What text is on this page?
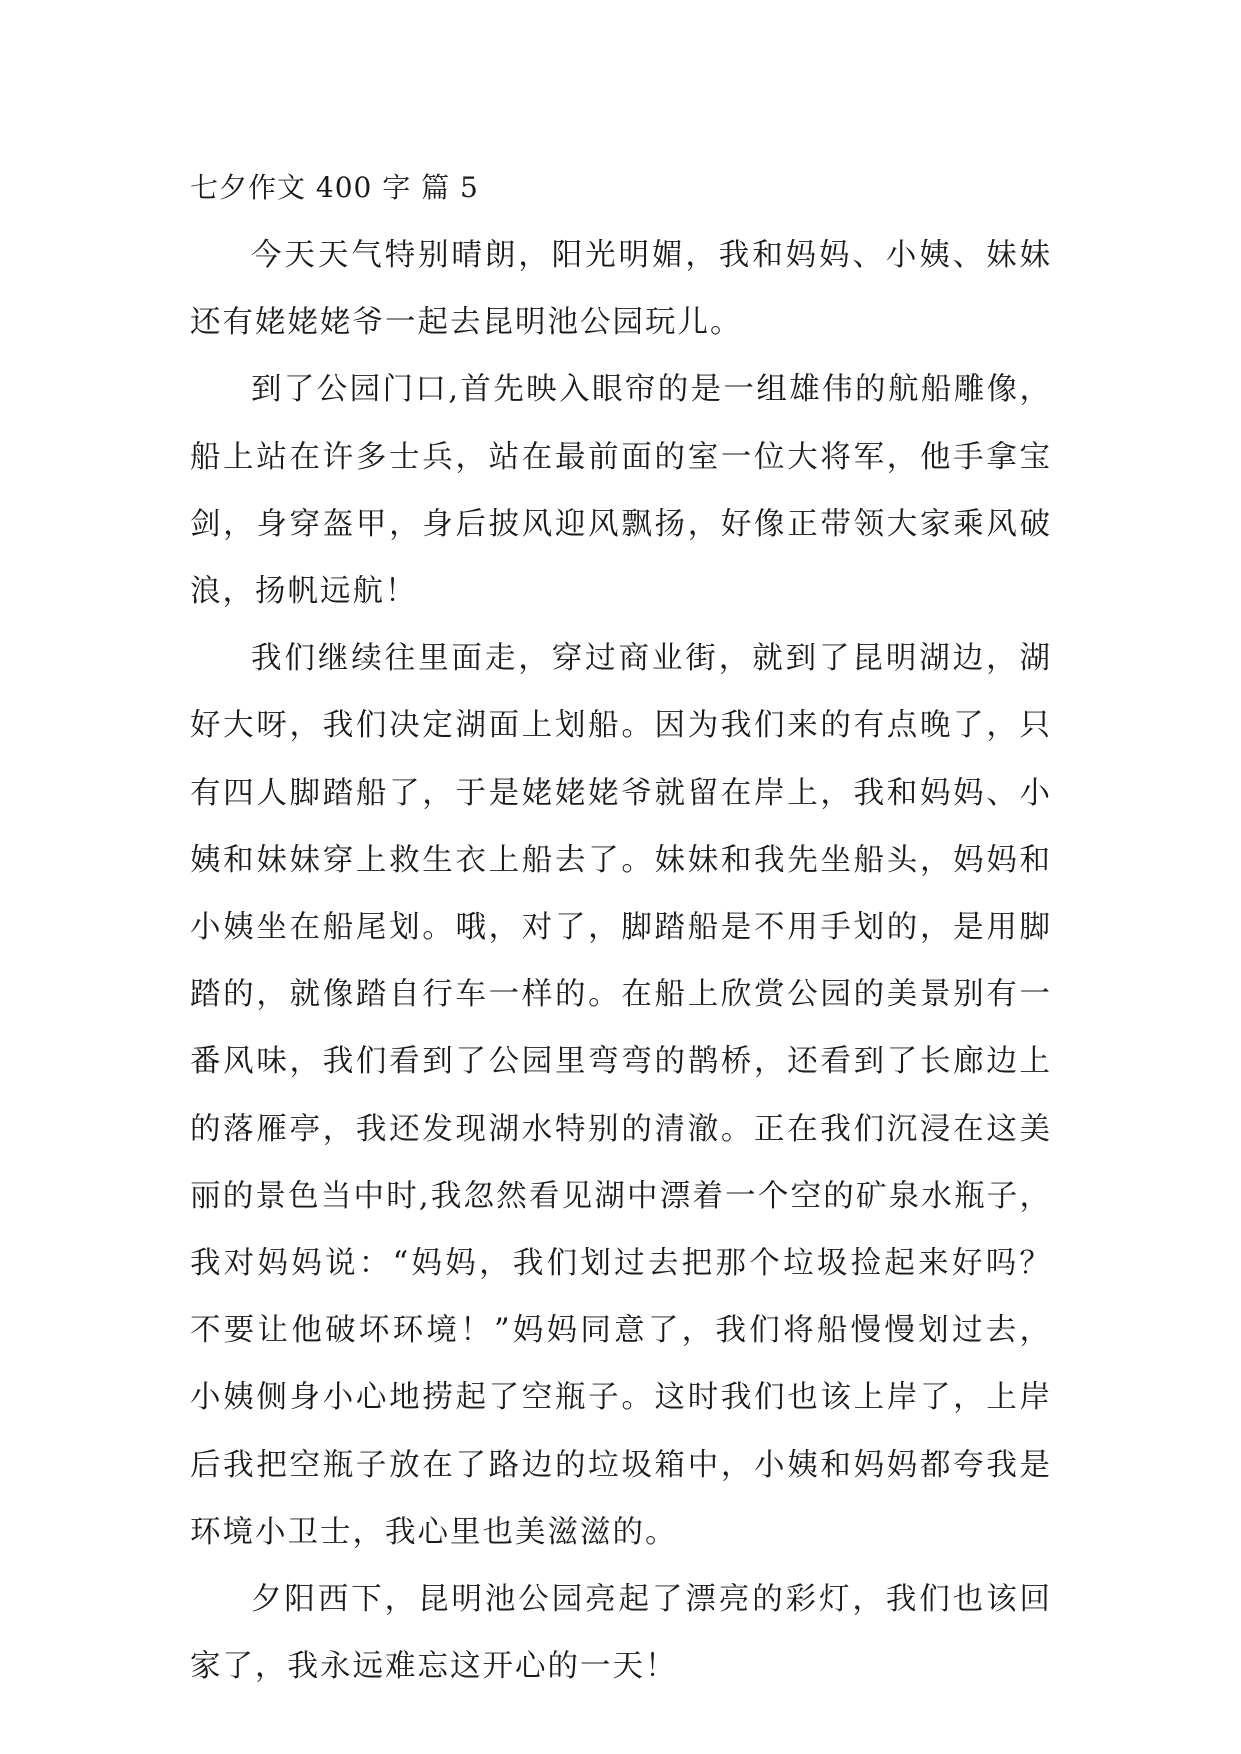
七夕作文 400 字 篇 5

今天天气特别晴朗，阳光明媚，我和妈妈、小姨、妹妹还有姥姥姥爷一起去昆明池公园玩儿。

到了公园门口,首先映入眼帘的是一组雄伟的航船雕像，船上站在许多士兵，站在最前面的室一位大将军，他手拿宝剑，身穿盔甲，身后披风迎风飘扬，好像正带领大家乘风破浪，扬帆远航！

我们继续往里面走，穿过商业街，就到了昆明湖边，湖好大呀，我们决定湖面上划船。因为我们来的有点晚了，只有四人脚踏船了，于是姥姥姥爷就留在岸上，我和妈妈、小姨和妹妹穿上救生衣上船去了。妹妹和我先坐船头，妈妈和小姨坐在船尾划。哦，对了，脚踏船是不用手划的，是用脚踏的，就像踏自行车一样的。在船上欣赏公园的美景别有一番风味，我们看到了公园里弯弯的鹊桥，还看到了长廊边上的落雁亭，我还发现湖水特别的清澈。正在我们沉浸在这美丽的景色当中时,我忽然看见湖中漂着一个空的矿泉水瓶子，我对妈妈说：“妈妈，我们划过去把那个垃圾捡起来好吗？不要让他破坏环境！”妈妈同意了，我们将船慢慢划过去，小姨侧身小心地捞起了空瓶子。这时我们也该上岸了，上岸后我把空瓶子放在了路边的垃圾箱中，小姨和妈妈都夸我是环境小卫士，我心里也美滋滋的。

夕阳西下，昆明池公园亮起了漂亮的彩灯，我们也该回家了，我永远难忘这开心的一天！
